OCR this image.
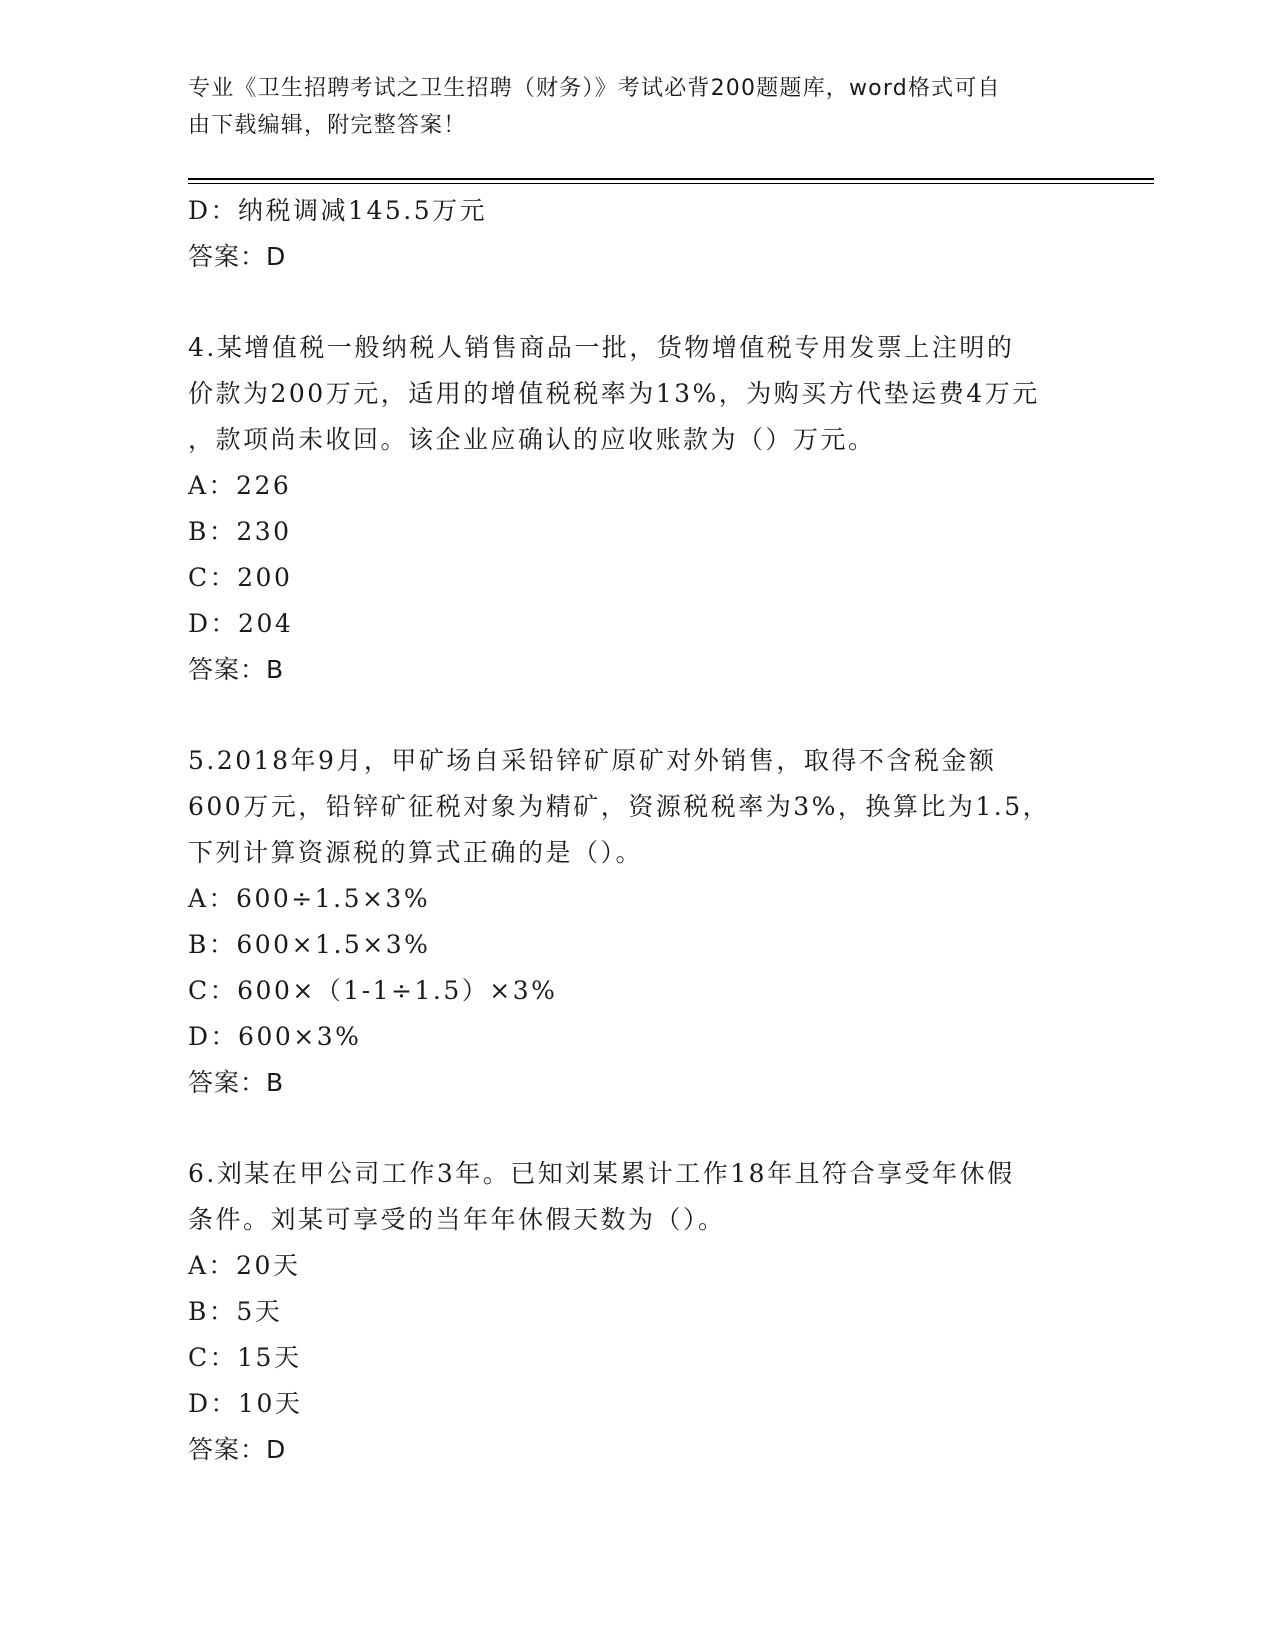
专业《卫生招聘考试之卫生招聘（财务）》考试必背200题题库，word格式可自
由下载编辑，附完整答案！
D：纳税调减145.5万元
答案：D
4.某增值税一般纳税人销售商品一批，货物增值税专用发票上注明的
价款为200万元，适用的增值税税率为13%，为购买方代垫运费4万元
，款项尚未收回。该企业应确认的应收账款为（）万元。
A：226
B：230
C：200
D：204
答案：B
5.2018年9月，甲矿场自采铅锌矿原矿对外销售，取得不含税金额
600万元，铅锌矿征税对象为精矿，资源税税率为3%，换算比为1.5，
下列计算资源税的算式正确的是（）。
A：600÷1.5×3%
B：600×1.5×3%
C：600×（1-1÷1.5）×3%
D：600×3%
答案：B
6.刘某在甲公司工作3年。已知刘某累计工作18年且符合享受年休假
条件。刘某可享受的当年年休假天数为（）。
A：20天
B：5天
C：15天
D：10天
答案：D
